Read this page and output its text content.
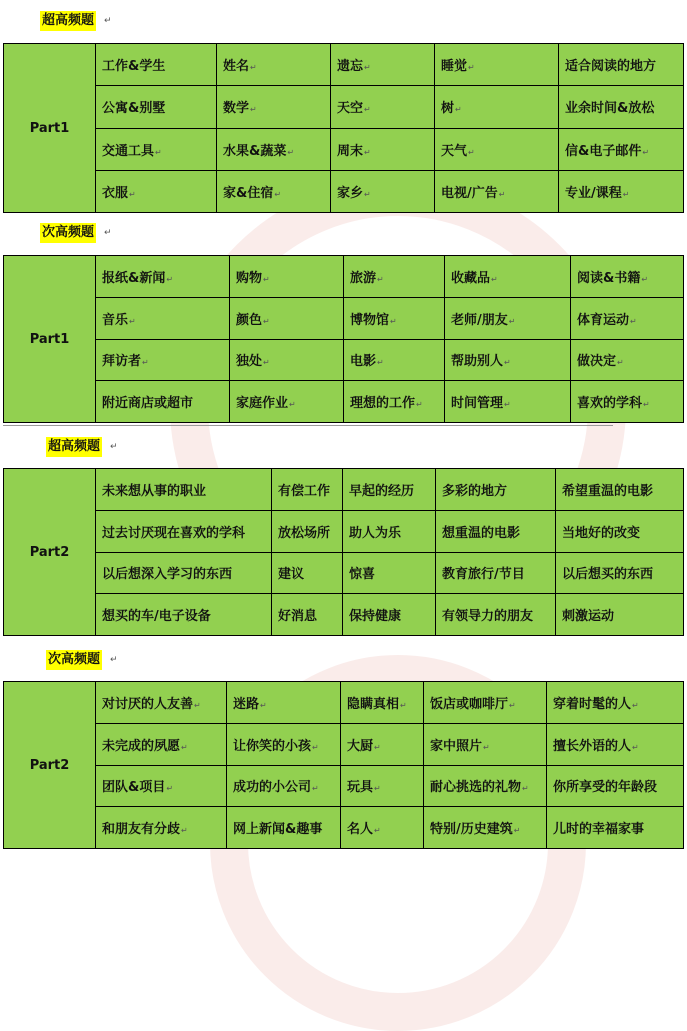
超高频题 ↵
Part1	工作&学生	姓名↵	遗忘↵	睡觉↵	适合阅读的地方
	公寓&别墅	数学↵	天空↵	树↵	业余时间&放松
	交通工具↵	水果&蔬菜↵	周末↵	天气↵	信&电子邮件↵
	衣服↵	家&住宿↵	家乡↵	电视/广告↵	专业/课程↵
次高频题 ↵
Part1	报纸&新闻↵	购物↵	旅游↵	收藏品↵	阅读&书籍↵
	音乐↵	颜色↵	博物馆↵	老师/朋友↵	体育运动↵
	拜访者↵	独处↵	电影↵	帮助别人↵	做决定↵
	附近商店或超市	家庭作业↵	理想的工作↵	时间管理↵	喜欢的学科↵
超高频题 ↵
Part2	未来想从事的职业	有偿工作	早起的经历	多彩的地方	希望重温的电影
	过去讨厌现在喜欢的学科	放松场所	助人为乐	想重温的电影	当地好的改变
	以后想深入学习的东西	建议	惊喜	教育旅行/节目	以后想买的东西
	想买的车/电子设备	好消息	保持健康	有领导力的朋友	刺激运动
次高频题 ↵
Part2	对讨厌的人友善↵	迷路↵	隐瞒真相↵	饭店或咖啡厅↵	穿着时髦的人↵
	未完成的夙愿↵	让你笑的小孩↵	大厨↵	家中照片↵	擅长外语的人↵
	团队&项目↵	成功的小公司↵	玩具↵	耐心挑选的礼物↵	你所享受的年龄段
	和朋友有分歧↵	网上新闻&趣事	名人↵	特别/历史建筑↵	儿时的幸福家事
